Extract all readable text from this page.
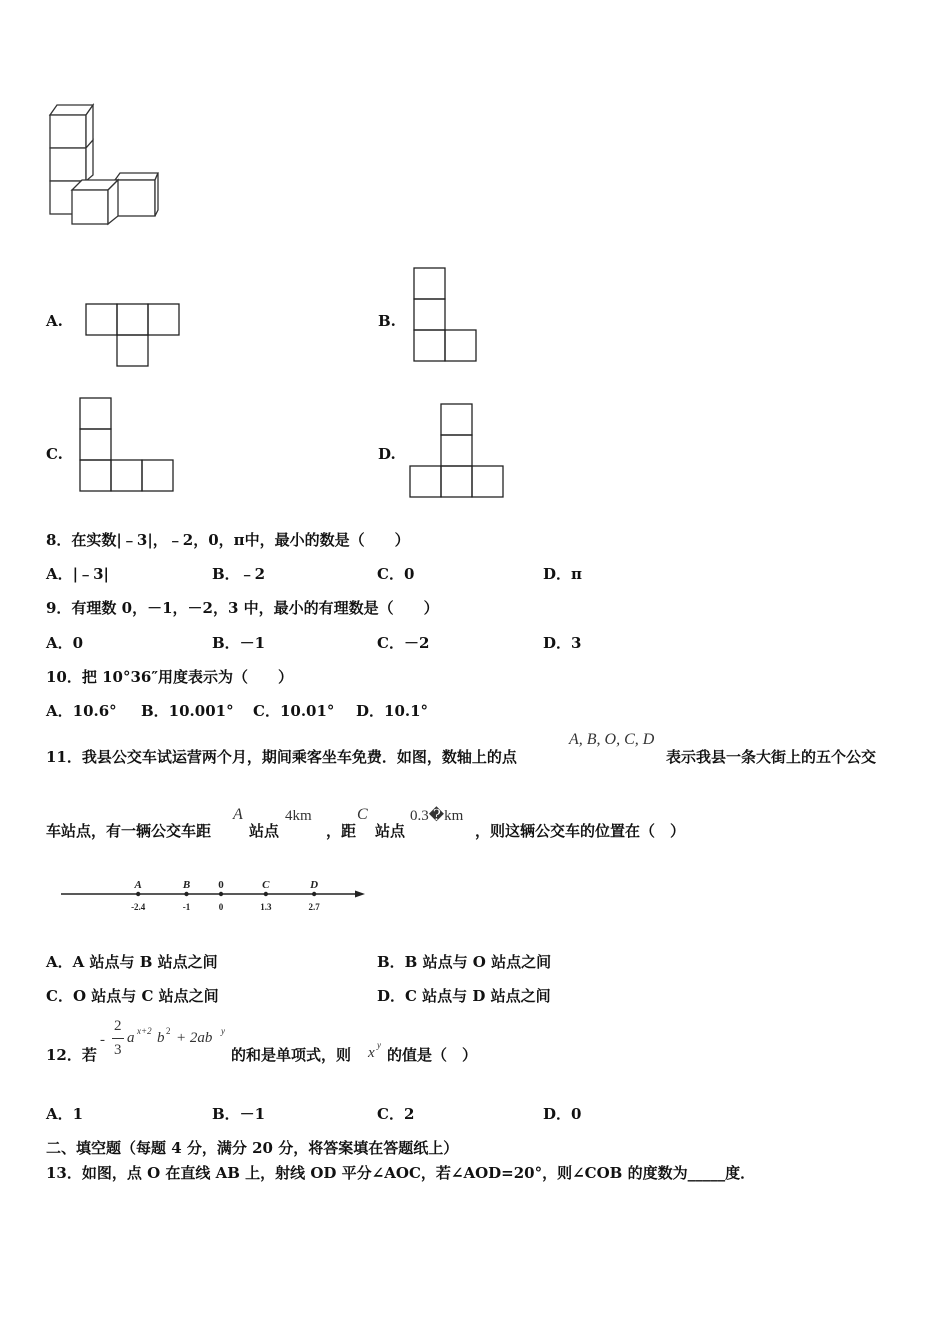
A.	B.
C.	D.
8．在实数|﹣3|，﹣2，0，π中，最小的数是（　　）
A．|﹣3|	B．﹣2	C．0	D．π
9．有理数 0，－1，－2，3 中，最小的有理数是（　　）
A．0	B．－1	C．－2	D．3
10．把 10°36″用度表示为（　　）
A．10.6° B．10.001° C．10.01° D．10.1°
11．我县公交车试运营两个月，期间乘客坐车免费．如图，数轴上的点
A, B, O, C, D
表示我县一条大街上的五个公交
车站点，有一辆公交车距
A
站点
4km
，距
C
站点
0.3�km
，则这辆公交车的位置在（　）
A
-2.4
B
-1
0
0
C
1.3
D
2.7
A．A 站点与 B 站点之间	B．B 站点与 O 站点之间
C．O 站点与 C 站点之间	D．C 站点与 D 站点之间
12．若
-
2
3
a x+2 b 2 + 2ab y
的和是单项式，则 x y
的值是（　）
A．1	B．－1	C．2	D．0
二、填空题（每题 4 分，满分 20 分，将答案填在答题纸上）
13．如图，点 O 在直线 AB 上，射线 OD 平分∠AOC，若∠AOD=20°，则∠COB 的度数为_____度．
